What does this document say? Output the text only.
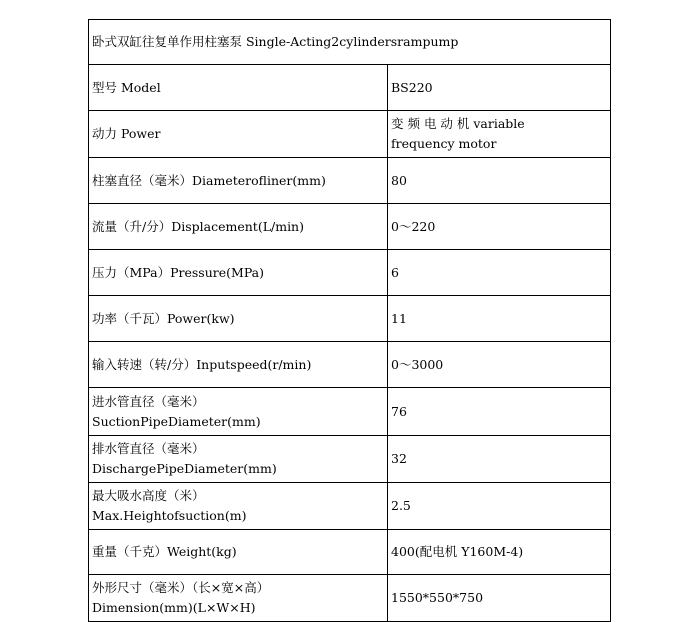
卧式双缸往复单作用柱塞泵 Single-Acting2cylindersrampump	
型号 Model	BS220
动力 Power	变 频 电 动 机 variable
frequency motor

柱塞直径（毫米）Diameterofliner(mm)	80
流量（升/分）Displacement(L/min)	0～220
压力（MPa）Pressure(MPa)	6
功率（千瓦）Power(kw)	11
输入转速（转/分）Inputspeed(r/min)	0～3000

进水管直径（毫米）
SuctionPipeDiameter(mm)	76

排水管直径（毫米）
DischargePipeDiameter(mm)	32

最大吸水高度（米）
Max.Heightofsuction(m)	2.5
重量（千克）Weight(kg)	400(配电机 Y160M-4)

外形尺寸（毫米）（长×宽×高）
Dimension(mm)(L×W×H)	1550*550*750
